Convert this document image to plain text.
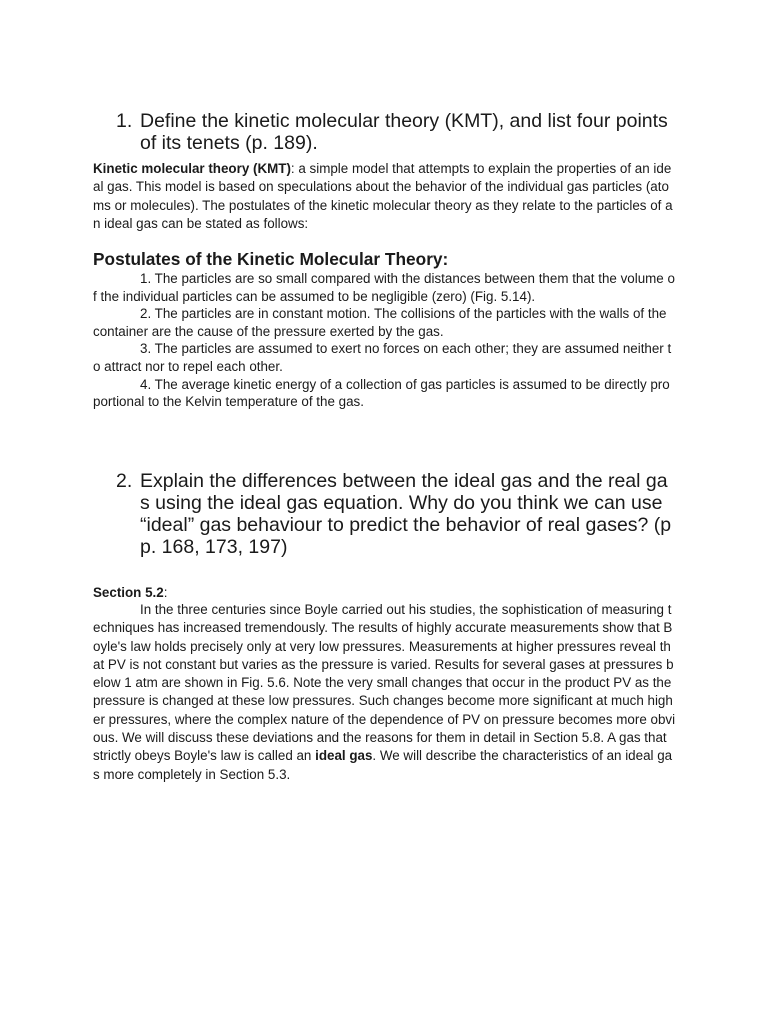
1. Define the kinetic molecular theory (KMT), and list four points of its tenets (p. 189).
Kinetic molecular theory (KMT): a simple model that attempts to explain the properties of an ideal gas. This model is based on speculations about the behavior of the individual gas particles (atoms or molecules). The postulates of the kinetic molecular theory as they relate to the particles of an ideal gas can be stated as follows:
Postulates of the Kinetic Molecular Theory:
1. The particles are so small compared with the distances between them that the volume of the individual particles can be assumed to be negligible (zero) (Fig. 5.14).
2. The particles are in constant motion. The collisions of the particles with the walls of the container are the cause of the pressure exerted by the gas.
3. The particles are assumed to exert no forces on each other; they are assumed neither to attract nor to repel each other.
4. The average kinetic energy of a collection of gas particles is assumed to be directly proportional to the Kelvin temperature of the gas.
2. Explain the differences between the ideal gas and the real gas using the ideal gas equation. Why do you think we can use “ideal” gas behaviour to predict the behavior of real gases? (pp. 168, 173, 197)
Section 5.2:
In the three centuries since Boyle carried out his studies, the sophistication of measuring techniques has increased tremendously. The results of highly accurate measurements show that Boyle's law holds precisely only at very low pressures. Measurements at higher pressures reveal that PV is not constant but varies as the pressure is varied. Results for several gases at pressures below 1 atm are shown in Fig. 5.6. Note the very small changes that occur in the product PV as the pressure is changed at these low pressures. Such changes become more significant at much higher pressures, where the complex nature of the dependence of PV on pressure becomes more obvious. We will discuss these deviations and the reasons for them in detail in Section 5.8. A gas that strictly obeys Boyle's law is called an ideal gas. We will describe the characteristics of an ideal gas more completely in Section 5.3.
